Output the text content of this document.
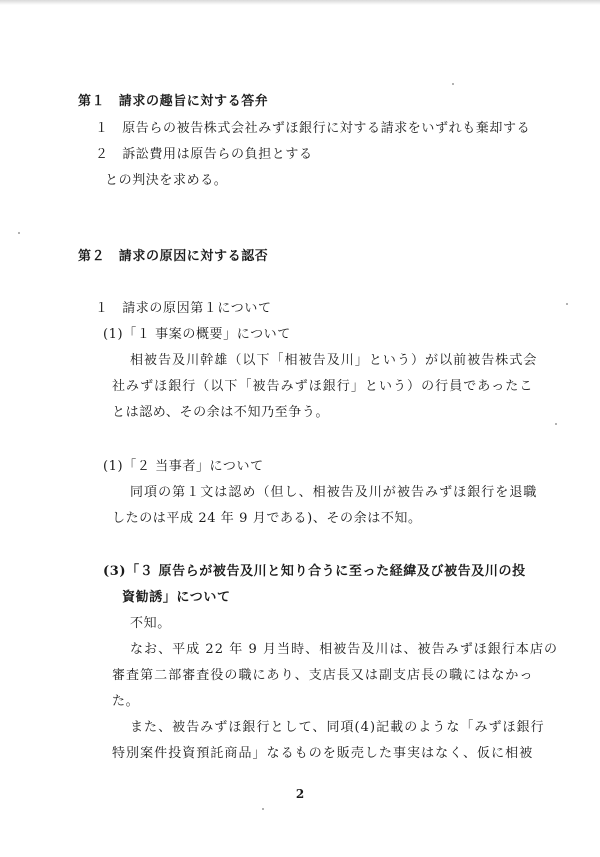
第１　請求の趣旨に対する答弁
１　原告らの被告株式会社みずほ銀行に対する請求をいずれも棄却する
２　訴訟費用は原告らの負担とする
との判決を求める。
第２　請求の原因に対する認否
１　請求の原因第１について
(1)「１ 事案の概要」について
相被告及川幹雄（以下「相被告及川」という）が以前被告株式会
社みずほ銀行（以下「被告みずほ銀行」という）の行員であったこ
とは認め、その余は不知乃至争う。
(1)「２ 当事者」について
同項の第１文は認め（但し、相被告及川が被告みずほ銀行を退職
したのは平成 24 年 9 月である)、その余は不知。
(3)「３ 原告らが被告及川と知り合うに至った経緯及び被告及川の投
資勧誘」について
不知。
なお、平成 22 年 9 月当時、相被告及川は、被告みずほ銀行本店の
審査第二部審査役の職にあり、支店長又は副支店長の職にはなかっ
た。
また、被告みずほ銀行として、同項(4)記載のような「みずほ銀行
特別案件投資預託商品」なるものを販売した事実はなく、仮に相被
2
